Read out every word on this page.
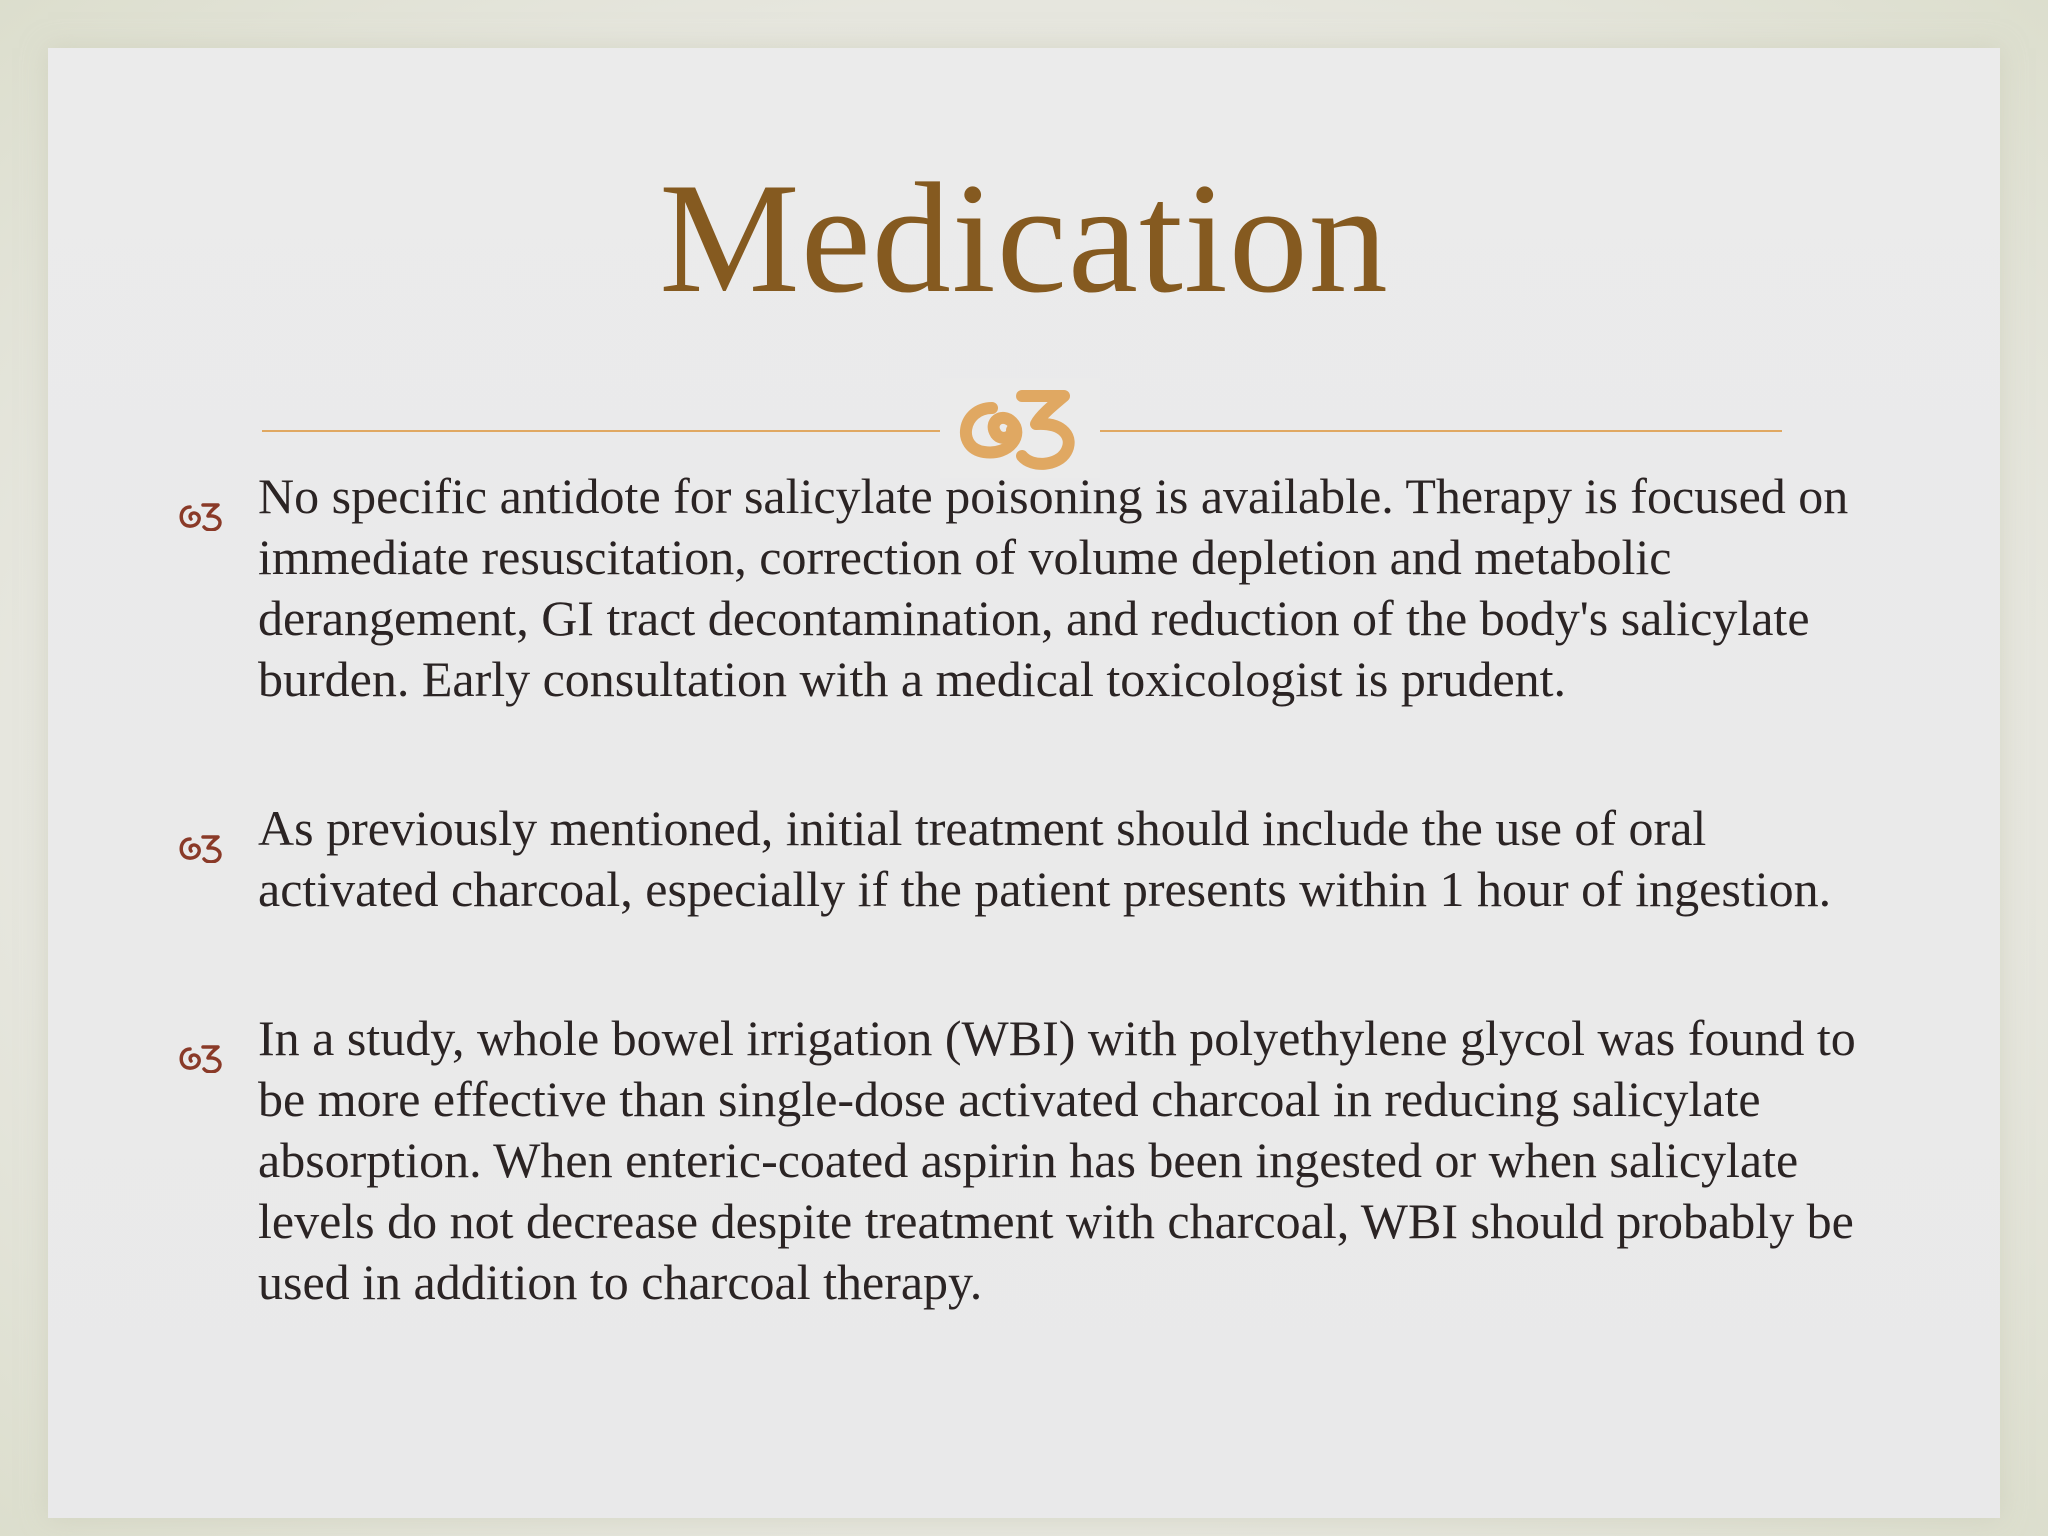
Medication
No specific antidote for salicylate poisoning is available. Therapy is focused on immediate resuscitation, correction of volume depletion and metabolic derangement, GI tract decontamination, and reduction of the body's salicylate burden. Early consultation with a medical toxicologist is prudent.
As previously mentioned, initial treatment should include the use of oral activated charcoal, especially if the patient presents within 1 hour of ingestion.
In a study, whole bowel irrigation (WBI) with polyethylene glycol was found to be more effective than single-dose activated charcoal in reducing salicylate absorption. When enteric-coated aspirin has been ingested or when salicylate levels do not decrease despite treatment with charcoal, WBI should probably be used in addition to charcoal therapy.
